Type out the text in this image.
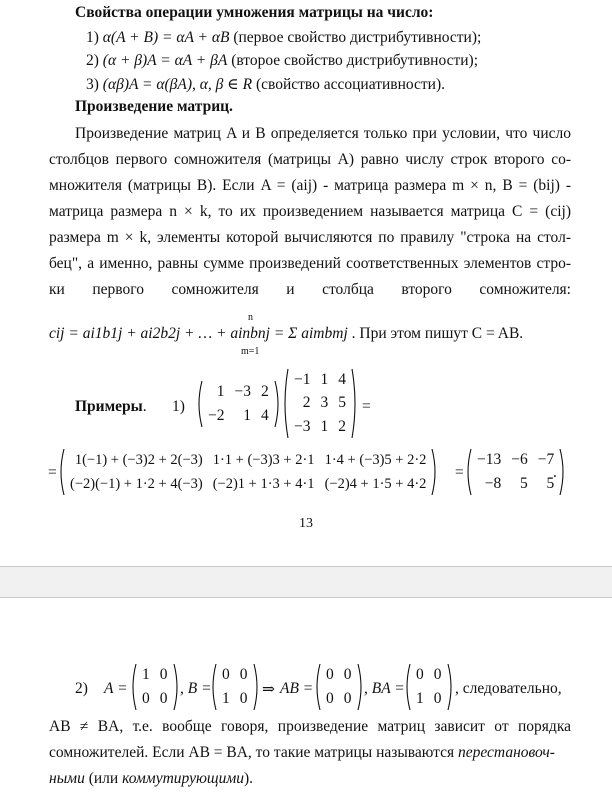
Свойства операции умножения матрицы на число:
1) α(A + B) = αA + αB (первое свойство дистрибутивности);
2) (α + β)A = αA + βA (второе свойство дистрибутивности);
3) (αβ)A = α(βA), α, β ∈ R (свойство ассоциативности).
Произведение матриц.
Произведение матриц A и B определяется только при условии, что число
столбцов первого сомножителя (матрицы A) равно числу строк второго со-
множителя (матрицы B). Если A = (aij) - матрица размера m × n, B = (bij) -
матрица размера n × k, то их произведением называется матрица C = (cij)
размера m × k, элементы которой вычисляются по правилу "строка на стол-
бец", а именно, равны сумме произведений соответственных элементов стро-
ки первого сомножителя и столбца второго сомножителя:
cij = ai1b1j + ai2b2j + … + ainbnj = Σ aimbmj . При этом пишут C = AB.
n
m=1
Примеры. 1)
1	−3	2
−2	1	4
−1	1	4
2	3	5
−3	1	2
=
=
1(−1) + (−3)2 + 2(−3)	1·1 + (−3)3 + 2·1	1·4 + (−3)5 + 2·2
(−2)(−1) + 1·2 + 4(−3)	(−2)1 + 1·3 + 4·1	(−2)4 + 1·5 + 4·2
=
−13	−6	−7
−8	5	5
.
13
2) A =
1	0
0	0
, B =
0	0
1	0
⇒ AB =
0	0
0	0
, BA =
0	0
1	0
, следовательно,
AB ≠ BA, т.е. вообще говоря, произведение матриц зависит от порядка
сомножителей. Если AB = BA, то такие матрицы называются перестановоч-
ными (или коммутирующими).
